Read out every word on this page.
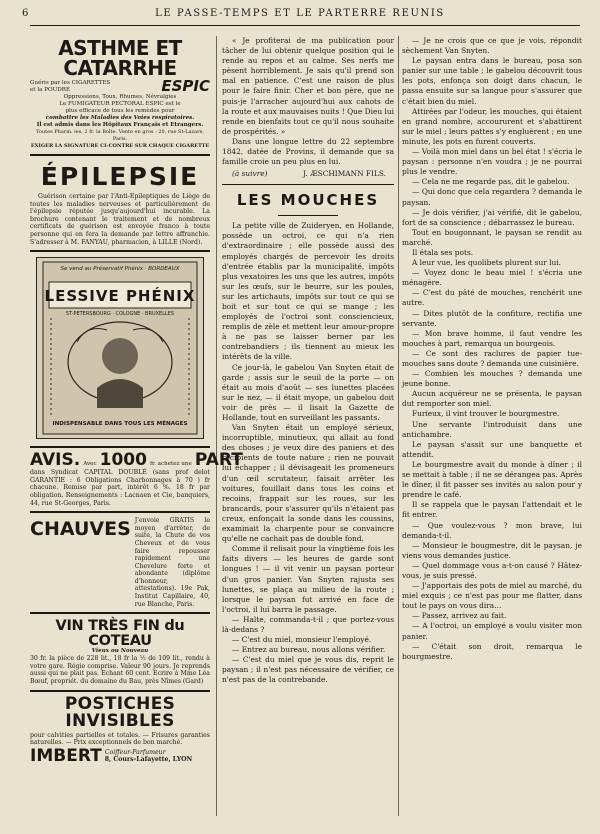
6	LE PASSE-TEMPS ET LE PARTERRE REUNIS
ASTHME ET CATARRHE
Guéris par les CIGARETTES
et la POUDRE	ESPIC
Oppressions, Toux, Rhumes, Névralgies
Le FUMIGATEUR PECTORAL ESPIC est le
plus efficace de tous les remèdes pour
combattre les Maladies des Voies respiratoires.
Il est admis dans les Hôpitaux Français et Etrangers.
Toutes Pharm. ies, 2 fr. la Boîte. Vente en gros : 20, rue St-Lazare, Paris.
EXIGER LA SIGNATURE CI-CONTRE SUR CHAQUE CIGARETTE
ÉPILEPSIE
Guérison certaine par l'Anti-Epileptiques de Liège de toutes les maladies nerveuses et particulièrement de l'épilepsie réputée jusqu'aujourd'hui incurable. La brochure contenant le traitement et de nombreux certificats de guérison est envoyée franco à toute personne qui en fera la demande par lettre affranchie. S'adresser à M. FANYAU, pharmacien, à LILLE (Nord).
Se vend au Préservatif Phénix · BORDEAUX
LESSIVE PHÉNIX
ST-PETERSBOURG · COLOGNE · BRUXELLES
INDISPENSABLE DANS TOUS LES MÉNAGES
AVIS. Avec 1000 fr. achetez une PART
dans Syndicat CAPITAL DOUBLÉ (sans prof delot GARANTIE : 6 Obligations Charbonnages à 70 ) fr chacune. Remise par part, intérêt 6 %. 18 fr par obligation. Renseignements : Lacnaen et Cie, banquiers, 44, rue St-Georges, Paris.
CHAUVES J'envoie GRATIS le moyen d'arrêter, de suite, la Chute de vos Cheveux et de vous faire repousser rapidement une Chevelure forte et abondante (diplôme d'honneur, attestations). 19e Pak, Institut Capillaire, 40, rue Blanche, Paris.
VIN TRÈS FIN du COTEAU
Vieux ou Nouveau
30 fr. la pièce de 228 lit., 18 fr la ½ de 109 lit., rendu à votre gare. Régie comprise. Valeur 90 jours. Je reprends aussi qui ne plait pas. Echant 60 cent. Ecrire à Mme Léa Bœuf, propriét. du domaine du Bau, près Nîmes (Gard)
POSTICHES INVISIBLES
pour calvities partielles et totales. — Frisures garanties naturelles. — Prix exceptionnels de bon marché.
IMBERT Coiffeur-Parfumeur
8, Cours-Lafayette, LYON

« Je profiterai de ma publication pour tâcher de lui obtenir quelque position qui le rende au repos et au calme. Ses nerfs me pèsent horriblement. Je sais qu'il prend son mal en patience. C'est une raison de plus pour le faire finir. Cher et bon père, que ne puis-je l'arracher aujourd'hui aux cahots de la route et aux mauvaises nuits ! Que Dieu lui rende en bienfaits tout ce qu'il nous souhaite de prospérités. »

Dans une longue lettre du 22 septembre 1842, datée de Provins, il demande que sa famille croie un peu plus en lui.

(à suivre)	J. ÆSCHIMANN FILS.
LES MOUCHES

La petite ville de Zuideryen, en Hollande, possède un octroi, ce qui n'a rien d'extraordinaire ; elle possède aussi des employés chargés de percevoir les droits d'entrée établis par la municipalité, impôts plus vexatoires les uns que les autres, impôts sur les œufs, sur le beurre, sur les poules, sur les artichauts, impôts sur tout ce qui se boit et sur tout ce qui se mange ; les employés de l'octroi sont consciencieux, remplis de zèle et mettent leur amour-propre à ne pas se laisser berner par les contrebandiers ; ils tiennent au mieux les intérêts de la ville.

Ce jour-là, le gabelou Van Snyten était de garde ; assis sur le seuil de la porte — on était au mois d'août — ses lunettes placées sur le nez, — il était myope, un gabelou doit voir de près — il lisait la Gazette de Hollande, tout en surveillant les passants.

Van Snyten était un employé sérieux, incorruptible, minutieux, qui allait au fond des choses ; je veux dire des paniers et des récipients de toute nature ; rien ne pouvait lui échapper ; il dévisageait les promeneurs d'un œil scrutateur, faisait arrêter les voitures, fouillait dans tous les coins et recoins, frappait sur les roues, sur les brancards, pour s'assurer qu'ils n'étaient pas creux, enfonçait la sonde dans les coussins, examinait la charpente pour se convaincre qu'elle ne cachait pas de double fond.

Comme il relisait pour la vingtième fois les faits divers — les heures de garde sont longues ! — il vit venir un paysan porteur d'un gros panier. Van Snyten rajusta ses lunettes, se plaça au milieu de la route ; lorsque le paysan fut arrivé en face de l'octroi, il lui barra le passage.

— Halte, commanda-t-il ; que portez-vous là-dedans ?

— C'est du miel, monsieur l'employé.

— Entrez au bureau, nous allons vérifier.

— C'est du miel que je vous dis, reprit le paysan ; il n'est pas nécessaire de vérifier, ce n'est pas de la contrebande.

— Je ne crois que ce que je vois, répondit sèchement Van Snyten.

Le paysan entra dans le bureau, posa son panier sur une table ; le gabelou découvrit tous les pots, enfonça son doigt dans chacun, le passa ensuite sur sa langue pour s'assurer que c'était bien du miel.

Attirées par l'odeur, les mouches, qui étaient en grand nombre, accoururent et s'abattirent sur le miel ; leurs pattes s'y engluèrent ; en une minute, les pots en furent couverts.

— Voilà mon miel dans un bel état ! s'écria le paysan : personne n'en voudra ; je ne pourrai plus le vendre.

— Cela ne me regarde pas, dit le gabelou.

— Qui donc que cela regardera ? demanda le paysan.

— Je dois vérifier, j'ai vérifié, dit le gabelou, fort de sa conscience ; débarrassez le bureau.

Tout en bougonnant, le paysan se rendit au marché.

Il étala ses pots.

A leur vue, les quolibets plurent sur lui.

— Voyez donc le beau miel ! s'écria une ménagère.

— C'est du pâté de mouches, renchérit une autre.

— Dites plutôt de la confiture, rectifia une servante.

— Mon brave homme, il faut vendre les mouches à part, remarqua un bourgeois.

— Ce sont des raclures de papier tue-mouches sans doute ? demanda une cuisinière.

— Combien les mouches ? demanda une jeune bonne.

Aucun acquéreur ne se présenta, le paysan dut remporter son miel.

Furieux, il vint trouver le bourgmestre.

Une servante l'introduisit dans une antichambre.

Le paysan s'assit sur une banquette et attendit.

Le bourgmestre avait du monde à dîner ; il se mettait à table ; il ne se dérangea pas. Après le dîner, il fit passer ses invités au salon pour y prendre le café.

Il se rappela que le paysan l'attendait et le fit entrer.

— Que voulez-vous ? mon brave, lui demanda-t-il.

— Monsieur le bougmestre, dit le paysan, je viens vous demandes justice.

— Quel dommage vous a-t-on causé ? Hâtez-vous, je suis pressé.

— J'apportais des pots de miel au marché, du miel exquis ; ce n'est pas pour me flatter, dans tout le pays on vous dira…

— Passez, arrivez au fait.

— A l'octroi, un employé a voulu visiter mon panier.

— C'était son droit, remarqua le bourgmestre.
